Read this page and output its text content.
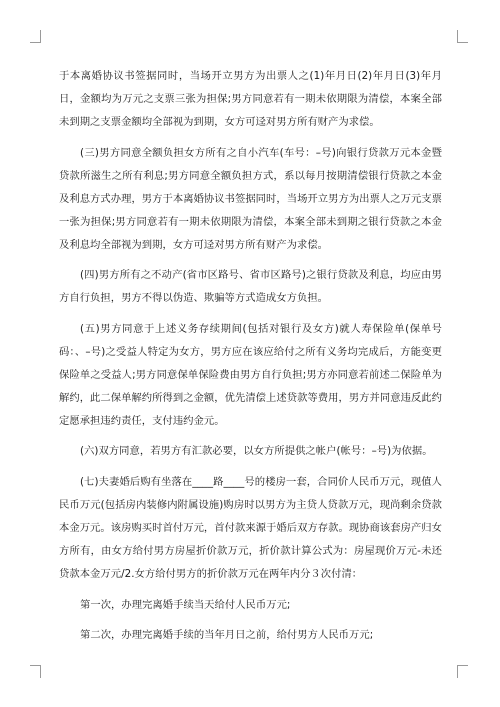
于本离婚协议书签据同时，当场开立男方为出票人之(1)年月日(2)年月日(3)年月日，金额均为万元之支票三张为担保;男方同意若有一期未依期限为清偿，本案全部未到期之支票金额均全部视为到期，女方可迳对男方所有财产为求偿。

(三)男方同意全额负担女方所有之自小汽车(车号：–号)向银行贷款万元本金暨贷款所滋生之所有利息;男方同意全额负担方式，系以每月按期清偿银行贷款之本金及利息方式办理，男方于本离婚协议书签据同时，当场开立男方为出票人之万元支票一张为担保;男方同意若有一期未依期限为清偿，本案全部未到期之银行贷款之本金及利息均全部视为到期，女方可迳对男方所有财产为求偿。

(四)男方所有之不动产(省市区路号、省市区路号)之银行贷款及利息，均应由男方自行负担，男方不得以伪造、欺骗等方式造成女方负担。

(五)男方同意于上述义务存续期间(包括对银行及女方)就人寿保险单(保单号码：、–号)之受益人特定为女方，男方应在该应给付之所有义务均完成后，方能变更保险单之受益人;男方同意保单保险费由男方自行负担;男方亦同意若前述二保险单为解约，此二保单解约所得到之金额，优先清偿上述贷款等费用，男方并同意违反此约定愿承担违约责任，支付违约金元。

(六)双方同意，若男方有汇款必要，以女方所提供之帐户(帐号：–号)为依据。

(七)夫妻婚后购有坐落在____路____号的楼房一套，合同价人民币万元，现值人民币万元(包括房内装修内附属设施)购房时以男方为主贷人贷款万元，现尚剩余贷款本金万元。该房购买时首付万元，首付款来源于婚后双方存款。现协商该套房产归女方所有，由女方给付男方房屋折价款万元，折价款计算公式为：房屋现价万元-未还贷款本金万元/2.女方给付男方的折价款万元在两年内分３次付清：

第一次，办理完离婚手续当天给付人民币万元;

第二次，办理完离婚手续的当年月日之前，给付男方人民币万元;
